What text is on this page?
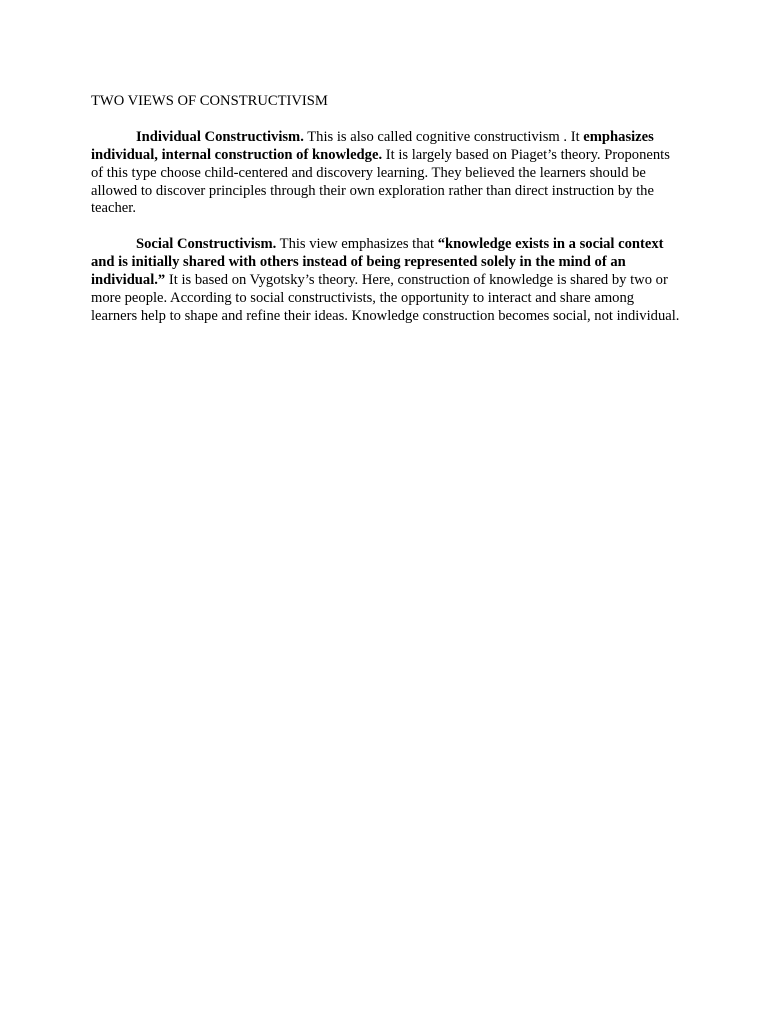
TWO VIEWS OF CONSTRUCTIVISM

Individual Constructivism. This is also called cognitive constructivism . It emphasizes individual, internal construction of knowledge. It is largely based on Piaget’s theory. Proponents of this type choose child-centered and discovery learning. They believed the learners should be allowed to discover principles through their own exploration rather than direct instruction by the teacher.

Social Constructivism. This view emphasizes that “knowledge exists in a social context and is initially shared with others instead of being represented solely in the mind of an individual.” It is based on Vygotsky’s theory. Here, construction of knowledge is shared by two or more people. According to social constructivists, the opportunity to interact and share among learners help to shape and refine their ideas. Knowledge construction becomes social, not individual.
